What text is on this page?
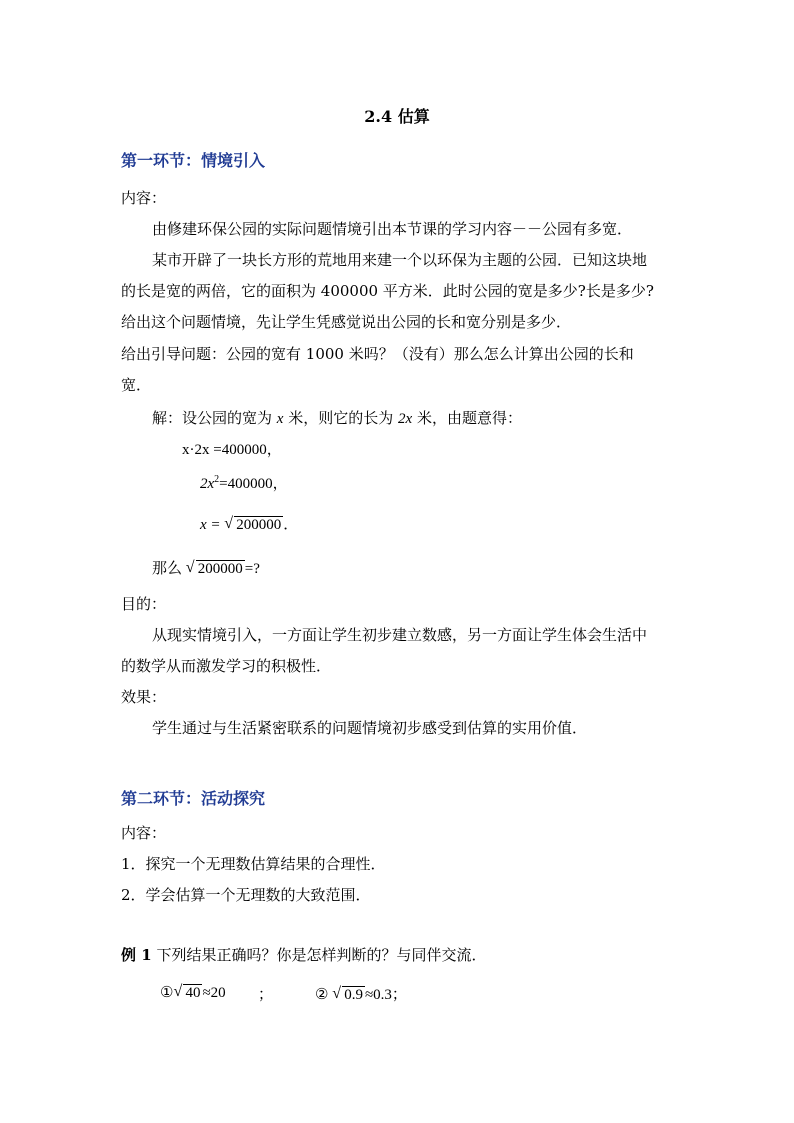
2.4 估算
第一环节：情境引入
内容：
由修建环保公园的实际问题情境引出本节课的学习内容－－公园有多宽．
某市开辟了一块长方形的荒地用来建一个以环保为主题的公园．已知这块地
的长是宽的两倍，它的面积为 400000 平方米．此时公园的宽是多少?长是多少?
给出这个问题情境，先让学生凭感觉说出公园的长和宽分别是多少．
给出引导问题：公园的宽有 1000 米吗？（没有）那么怎么计算出公园的长和
宽．
解：设公园的宽为 x 米，则它的长为 2x 米，由题意得：
x·2x =400000，
$2x^2=400000$，
x = √ 200000 ．
那么 √ 200000 =?
目的：
从现实情境引入，一方面让学生初步建立数感，另一方面让学生体会生活中
的数学从而激发学习的积极性．
效果：
学生通过与生活紧密联系的问题情境初步感受到估算的实用价值．
第二环节：活动探究
内容：
1．探究一个无理数估算结果的合理性．
2．学会估算一个无理数的大致范围．
例 1 下列结果正确吗？你是怎样判断的？与同伴交流．
① √ 40 ≈20 ；	② √ 0.9 ≈0.3；
